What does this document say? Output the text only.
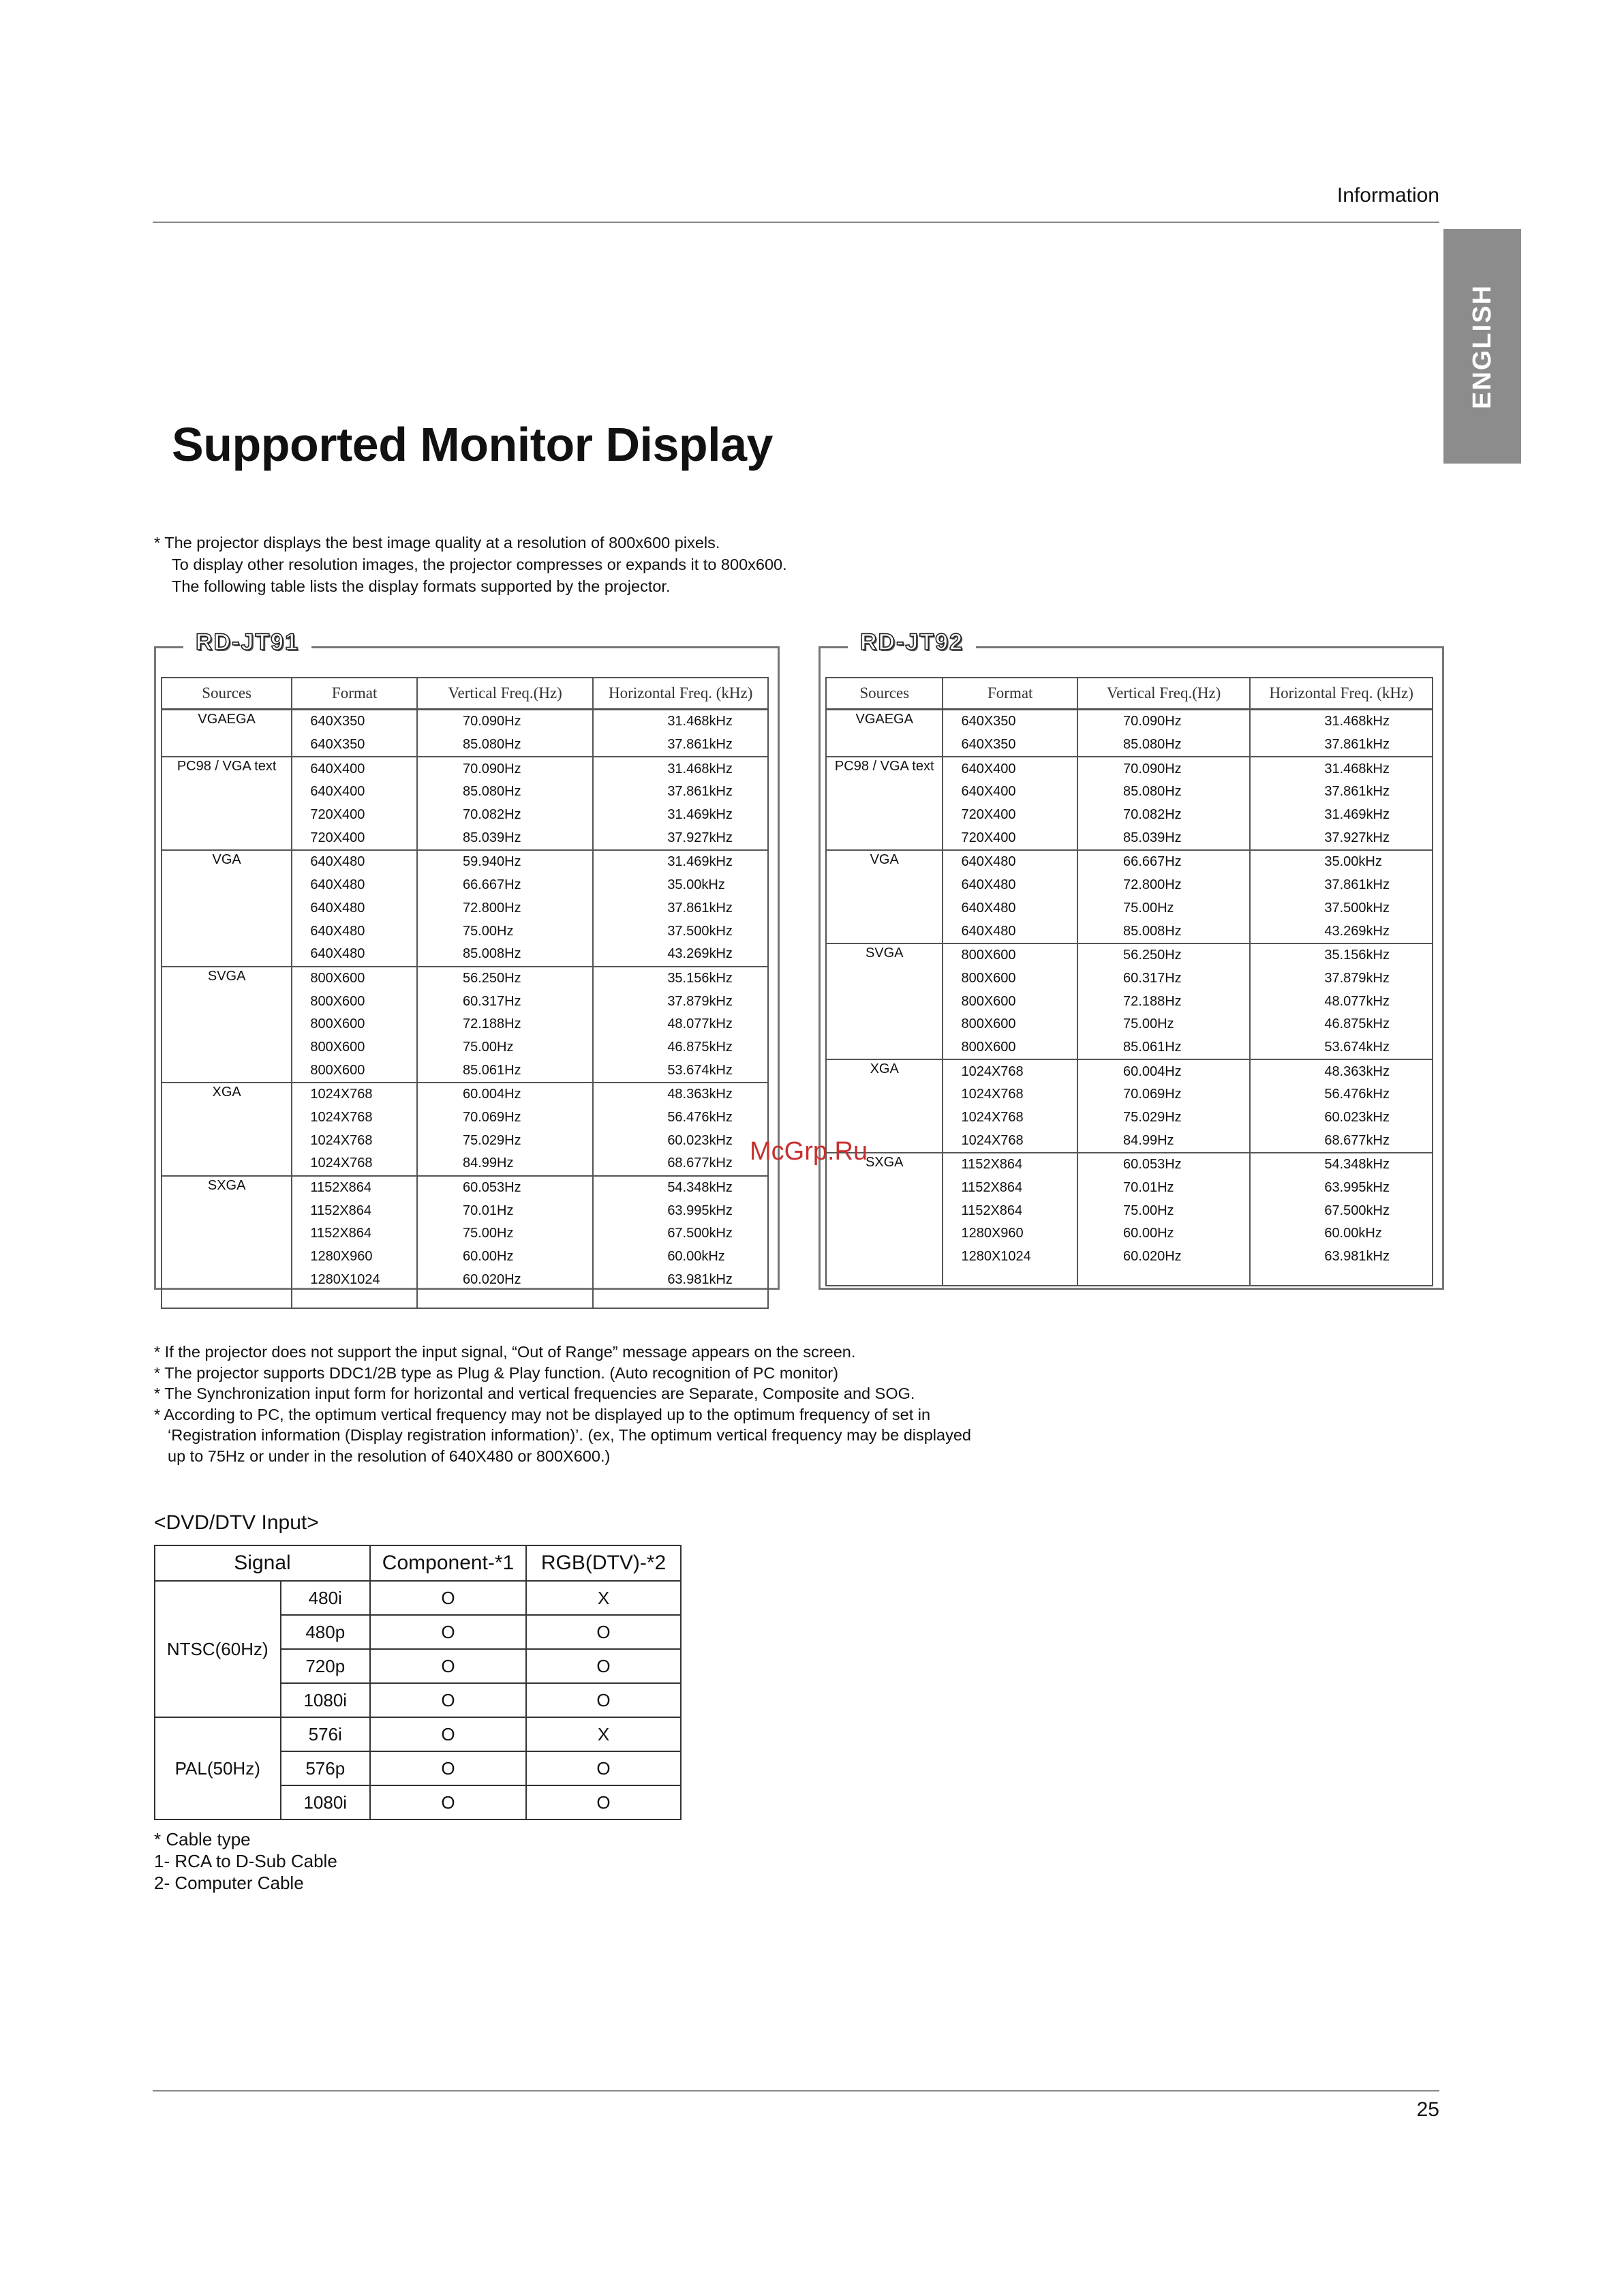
Information
ENGLISH
Supported Monitor Display
* The projector displays the best image quality at a resolution of 800x600 pixels.
To display other resolution images, the projector compresses or expands it to 800x600.
The following table lists the display formats supported by the projector.
RD-JT91
Sources	Format	Vertical Freq.(Hz)	Horizontal Freq. (kHz)
VGAEGA	640X350	70.090Hz	31.468kHz
	640X350	85.080Hz	37.861kHz
PC98 / VGA text	640X400	70.090Hz	31.468kHz
	640X400	85.080Hz	37.861kHz
	720X400	70.082Hz	31.469kHz
	720X400	85.039Hz	37.927kHz
VGA	640X480	59.940Hz	31.469kHz
	640X480	66.667Hz	35.00kHz
	640X480	72.800Hz	37.861kHz
	640X480	75.00Hz	37.500kHz
	640X480	85.008Hz	43.269kHz
SVGA	800X600	56.250Hz	35.156kHz
	800X600	60.317Hz	37.879kHz
	800X600	72.188Hz	48.077kHz
	800X600	75.00Hz	46.875kHz
	800X600	85.061Hz	53.674kHz
XGA	1024X768	60.004Hz	48.363kHz
	1024X768	70.069Hz	56.476kHz
	1024X768	75.029Hz	60.023kHz
	1024X768	84.99Hz	68.677kHz
SXGA	1152X864	60.053Hz	54.348kHz
	1152X864	70.01Hz	63.995kHz
	1152X864	75.00Hz	67.500kHz
	1280X960	60.00Hz	60.00kHz
	1280X1024	60.020Hz	63.981kHz

RD-JT92
Sources	Format	Vertical Freq.(Hz)	Horizontal Freq. (kHz)
VGAEGA	640X350	70.090Hz	31.468kHz
	640X350	85.080Hz	37.861kHz
PC98 / VGA text	640X400	70.090Hz	31.468kHz
	640X400	85.080Hz	37.861kHz
	720X400	70.082Hz	31.469kHz
	720X400	85.039Hz	37.927kHz
VGA	640X480	66.667Hz	35.00kHz
	640X480	72.800Hz	37.861kHz
	640X480	75.00Hz	37.500kHz
	640X480	85.008Hz	43.269kHz
SVGA	800X600	56.250Hz	35.156kHz
	800X600	60.317Hz	37.879kHz
	800X600	72.188Hz	48.077kHz
	800X600	75.00Hz	46.875kHz
	800X600	85.061Hz	53.674kHz
XGA	1024X768	60.004Hz	48.363kHz
	1024X768	70.069Hz	56.476kHz
	1024X768	75.029Hz	60.023kHz
	1024X768	84.99Hz	68.677kHz
SXGA	1152X864	60.053Hz	54.348kHz
	1152X864	70.01Hz	63.995kHz
	1152X864	75.00Hz	67.500kHz
	1280X960	60.00Hz	60.00kHz
	1280X1024	60.020Hz	63.981kHz

McGrp.Ru
* If the projector does not support the input signal, “Out of Range” message appears on the screen.
* The projector supports DDC1/2B type as Plug & Play function. (Auto recognition of PC monitor)
* The Synchronization input form for horizontal and vertical frequencies are Separate, Composite and SOG.
* According to PC, the optimum vertical frequency may not be displayed up to the optimum frequency of set in
‘Registration information (Display registration information)’. (ex, The optimum vertical frequency may be displayed
up to 75Hz or under in the resolution of 640X480 or 800X600.)
<DVD/DTV Input>
Signal		Component-*1	RGB(DTV)-*2
NTSC(60Hz)	480i	O	X
	480p	O	O
	720p	O	O
	1080i	O	O
PAL(50Hz)	576i	O	X
	576p	O	O
	1080i	O	O
* Cable type
1- RCA to D-Sub Cable
2- Computer Cable
25
